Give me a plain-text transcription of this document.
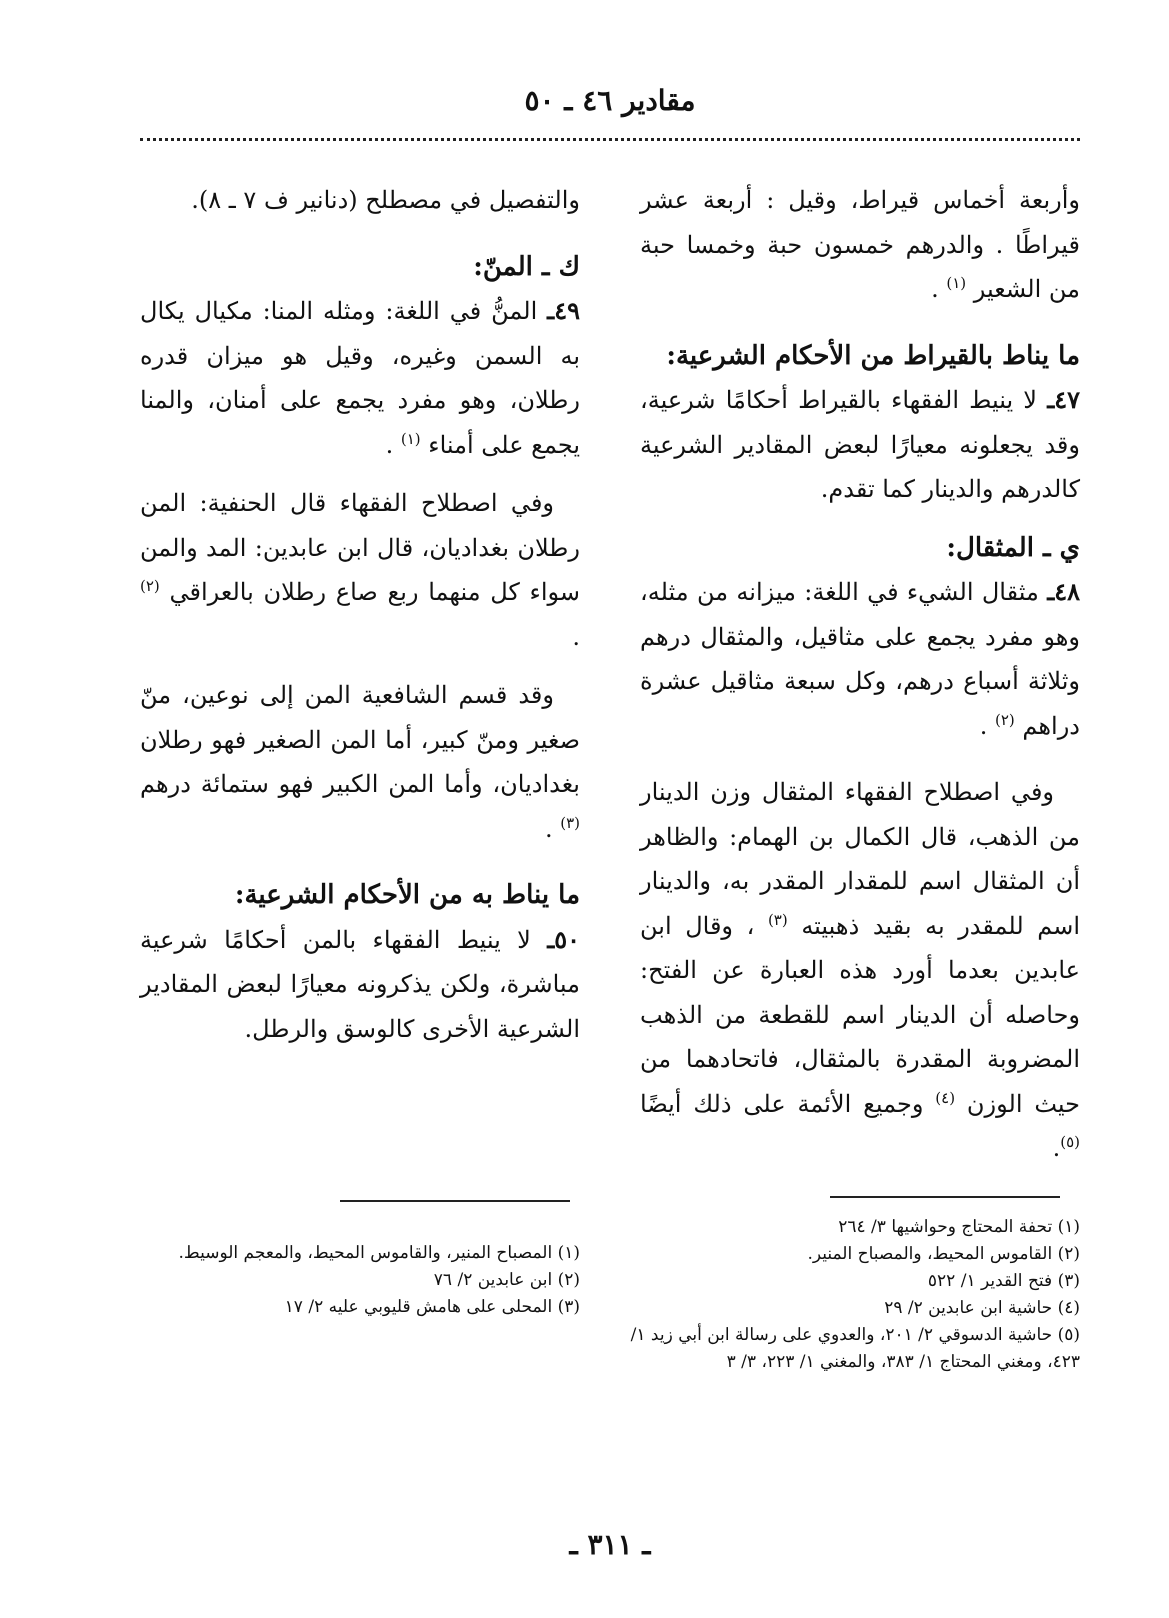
مقادير ٤٦ ـ ٥٠

وأربعة أخماس قيراط، وقيل : أربعة عشر قيراطًا . والدرهم خمسون حبة وخمسا حبة من الشعير $^{(١)}$ .

ما يناط بالقيراط من الأحكام الشرعية:

٤٧ـ لا ينيط الفقهاء بالقيراط أحكامًا شرعية، وقد يجعلونه معيارًا لبعض المقادير الشرعية كالدرهم والدينار كما تقدم.

ي ـ المثقال:

٤٨ـ مثقال الشيء في اللغة: ميزانه من مثله، وهو مفرد يجمع على مثاقيل، والمثقال درهم وثلاثة أسباع درهم، وكل سبعة مثاقيل عشرة دراهم $^{(٢)}$ .

وفي اصطلاح الفقهاء المثقال وزن الدينار من الذهب، قال الكمال بن الهمام: والظاهر أن المثقال اسم للمقدار المقدر به، والدينار اسم للمقدر به بقيد ذهبيته $^{(٣)}$ ، وقال ابن عابدين بعدما أورد هذه العبارة عن الفتح: وحاصله أن الدينار اسم للقطعة من الذهب المضروبة المقدرة بالمثقال، فاتحادهما من حيث الوزن $^{(٤)}$ وجميع الأئمة على ذلك أيضًا $^{(٥)}$.

والتفصيل في مصطلح (دنانير ف ٧ ـ ٨).

ك ـ المنّ:

٤٩ـ المنُّ في اللغة: ومثله المنا: مكيال يكال به السمن وغيره، وقيل هو ميزان قدره رطلان، وهو مفرد يجمع على أمنان، والمنا يجمع على أمناء $^{(١)}$ .

وفي اصطلاح الفقهاء قال الحنفية: المن رطلان بغداديان، قال ابن عابدين: المد والمن سواء كل منهما ربع صاع رطلان بالعراقي $^{(٢)}$ .

وقد قسم الشافعية المن إلى نوعين، منّ صغير ومنّ كبير، أما المن الصغير فهو رطلان بغداديان، وأما المن الكبير فهو ستمائة درهم $^{(٣)}$ .

ما يناط به من الأحكام الشرعية:

٥٠ـ لا ينيط الفقهاء بالمن أحكامًا شرعية مباشرة، ولكن يذكرونه معيارًا لبعض المقادير الشرعية الأخرى كالوسق والرطل.

(١) تحفة المحتاج وحواشيها ٣/ ٢٦٤
(٢) القاموس المحيط، والمصباح المنير.
(٣) فتح القدير ١/ ٥٢٢
(٤) حاشية ابن عابدين ٢/ ٢٩
(٥) حاشية الدسوقي ٢/ ٢٠١، والعدوي على رسالة ابن أبي زيد ١/ ٤٢٣، ومغني المحتاج ١/ ٣٨٣، والمغني ١/ ٢٢٣، ٣/ ٣
(١) المصباح المنير، والقاموس المحيط، والمعجم الوسيط.
(٢) ابن عابدين ٢/ ٧٦
(٣) المحلى على هامش قليوبي عليه ٢/ ١٧
ـ ٣١١ ـ
